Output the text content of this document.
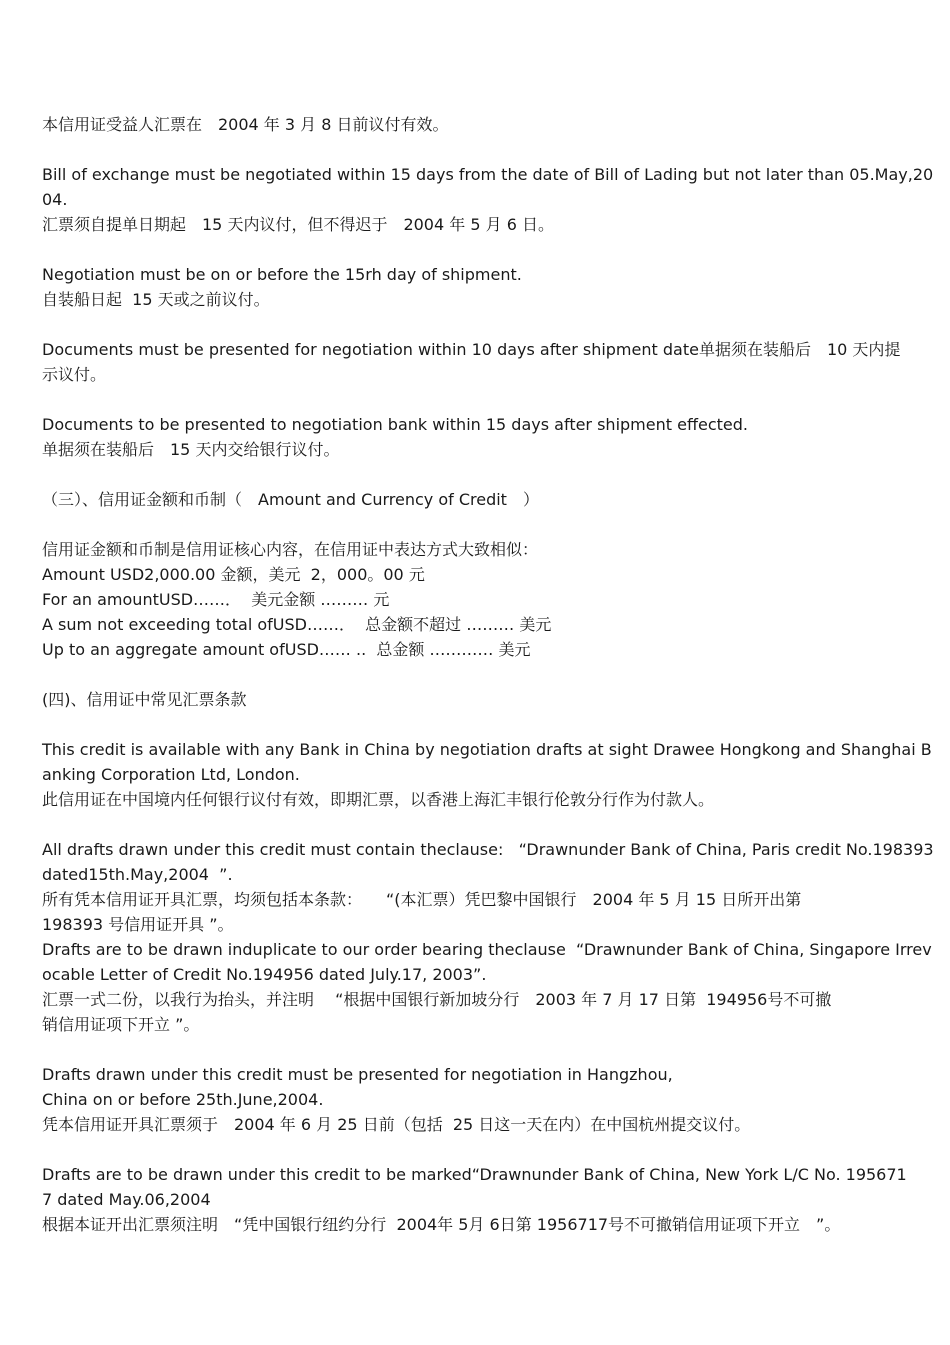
本信用证受益人汇票在　2004 年 3 月 8 日前议付有效。
Bill of exchange must be negotiated within 15 days from the date of Bill of Lading but not later than 05.May,20
04.
汇票须自提单日期起　15 天内议付，但不得迟于　2004 年 5 月 6 日。
Negotiation must be on or before the 15rh day of shipment.
自装船日起  15 天或之前议付。
Documents must be presented for negotiation within 10 days after shipment date单据须在装船后　10 天内提
示议付。
Documents to be presented to negotiation bank within 15 days after shipment effected.
单据须在装船后　15 天内交给银行议付。
（三）、信用证金额和币制（　Amount and Currency of Credit　）
信用证金额和币制是信用证核心内容，在信用证中表达方式大致相似：
Amount USD2,000.00 金额，美元  2，000。00 元
For an amountUSD……．  美元金额 ……… 元
A sum not exceeding total ofUSD……．  总金额不超过 ……… 美元
Up to an aggregate amount ofUSD…… ..  总金额 ………… 美元
(四)、信用证中常见汇票条款
This credit is available with any Bank in China by negotiation drafts at sight Drawee Hongkong and Shanghai B
anking Corporation Ltd, London.
此信用证在中国境内任何银行议付有效，即期汇票，以香港上海汇丰银行伦敦分行作为付款人。
All drafts drawn under this credit must contain theclause:   “Drawnunder Bank of China, Paris credit No.198393
dated15th.May,2004  ”.
所有凭本信用证开具汇票，均须包括本条款：　　“(本汇票）凭巴黎中国银行　2004 年 5 月 15 日所开出第
198393 号信用证开具 ”。
Drafts are to be drawn induplicate to our order bearing theclause  “Drawnunder Bank of China, Singapore Irrev
ocable Letter of Credit No.194956 dated July.17, 2003”.
汇票一式二份，以我行为抬头，并注明　 “根据中国银行新加坡分行　2003 年 7 月 17 日第  194956号不可撤
销信用证项下开立 ”。
Drafts drawn under this credit must be presented for negotiation in Hangzhou,
China on or before 25th.June,2004.
凭本信用证开具汇票须于　2004 年 6 月 25 日前（包括  25 日这一天在内）在中国杭州提交议付。
Drafts are to be drawn under this credit to be marked“Drawnunder Bank of China, New York L/C No. 195671
7 dated May.06,2004
根据本证开出汇票须注明　“凭中国银行纽约分行  2004年 5月 6日第 1956717号不可撤销信用证项下开立　”。
